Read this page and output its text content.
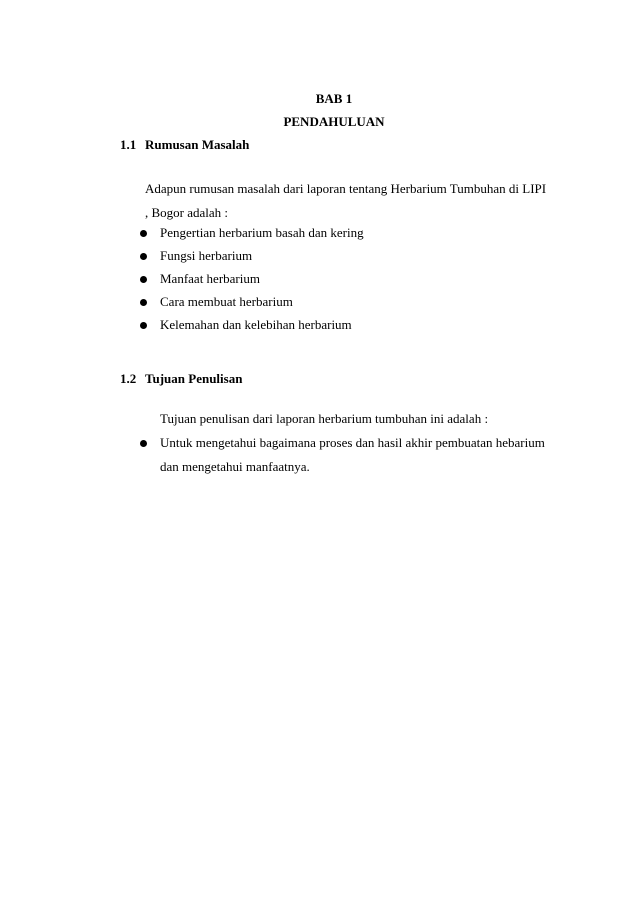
BAB 1
PENDAHULUAN
1.1 Rumusan Masalah
Adapun rumusan masalah dari laporan tentang Herbarium Tumbuhan di LIPI
, Bogor adalah :
Pengertian herbarium basah dan kering
Fungsi herbarium
Manfaat herbarium
Cara membuat herbarium
Kelemahan dan kelebihan herbarium
1.2 Tujuan Penulisan
Tujuan penulisan dari laporan herbarium tumbuhan ini adalah :
Untuk mengetahui bagaimana proses dan hasil akhir pembuatan hebarium
dan mengetahui manfaatnya.
